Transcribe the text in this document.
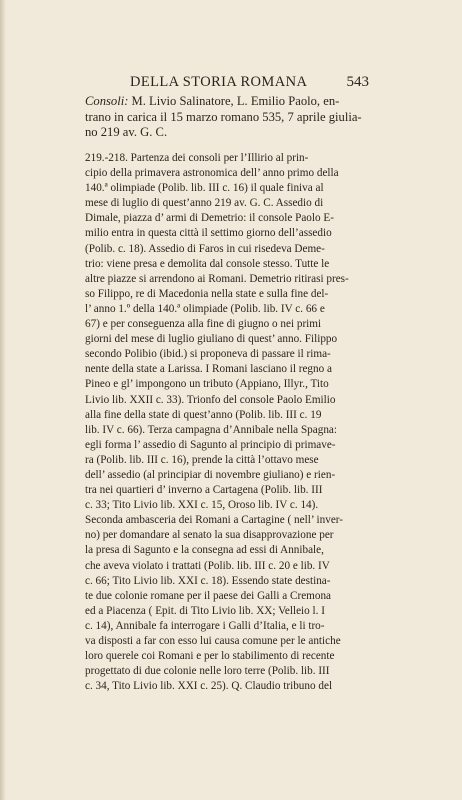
DELLA STORIA ROMANA	543
Consoli: M. Livio Salinatore, L. Emilio Paolo, en-
trano in carica il 15 marzo romano 535, 7 aprile giulia-
no 219 av. G. C.
219.-218. Partenza dei consoli per l’Illirio al prin-
cipio della primavera astronomica dell’ anno primo della
140.ª olimpiade (Polib. lib. III c. 16) il quale finiva al
mese di luglio di quest’anno 219 av. G. C. Assedio di
Dimale, piazza d’ armi di Demetrio: il console Paolo E-
milio entra in questa città il settimo giorno dell’assedio
(Polib. c. 18). Assedio di Faros in cui risedeva Deme-
trio: viene presa e demolita dal console stesso. Tutte le
altre piazze si arrendono ai Romani. Demetrio ritirasi pres-
so Filippo, re di Macedonia nella state e sulla fine del-
l’ anno 1.º della 140.ª olimpiade (Polib. lib. IV c. 66 e
67) e per conseguenza alla fine di giugno o nei primi
giorni del mese di luglio giuliano di quest’ anno. Filippo
secondo Polibio (ibid.) si proponeva di passare il rima-
nente della state a Larissa. I Romani lasciano il regno a
Pineo e gl’ impongono un tributo (Appiano, Illyr., Tito
Livio lib. XXII c. 33). Trionfo del console Paolo Emilio
alla fine della state di quest’anno (Polib. lib. III c. 19
lib. IV c. 66). Terza campagna d’Annibale nella Spagna:
egli forma l’ assedio di Sagunto al principio di primave-
ra (Polib. lib. III c. 16), prende la città l’ottavo mese
dell’ assedio (al principiar di novembre giuliano) e rien-
tra nei quartieri d’ inverno a Cartagena (Polib. lib. III
c. 33; Tito Livio lib. XXI c. 15, Oroso lib. IV c. 14).
Seconda ambasceria dei Romani a Cartagine ( nell’ inver-
no) per domandare al senato la sua disapprovazione per
la presa di Sagunto e la consegna ad essi di Annibale,
che aveva violato i trattati (Polib. lib. III c. 20 e lib. IV
c. 66; Tito Livio lib. XXI c. 18). Essendo state destina-
te due colonie romane per il paese dei Galli a Cremona
ed a Piacenza ( Epit. di Tito Livio lib. XX; Velleio l. I
c. 14), Annibale fa interrogare i Galli d’Italia, e li tro-
va disposti a far con esso lui causa comune per le antiche
loro querele coi Romani e per lo stabilimento di recente
progettato di due colonie nelle loro terre (Polib. lib. III
c. 34, Tito Livio lib. XXI c. 25). Q. Claudio tribuno del
